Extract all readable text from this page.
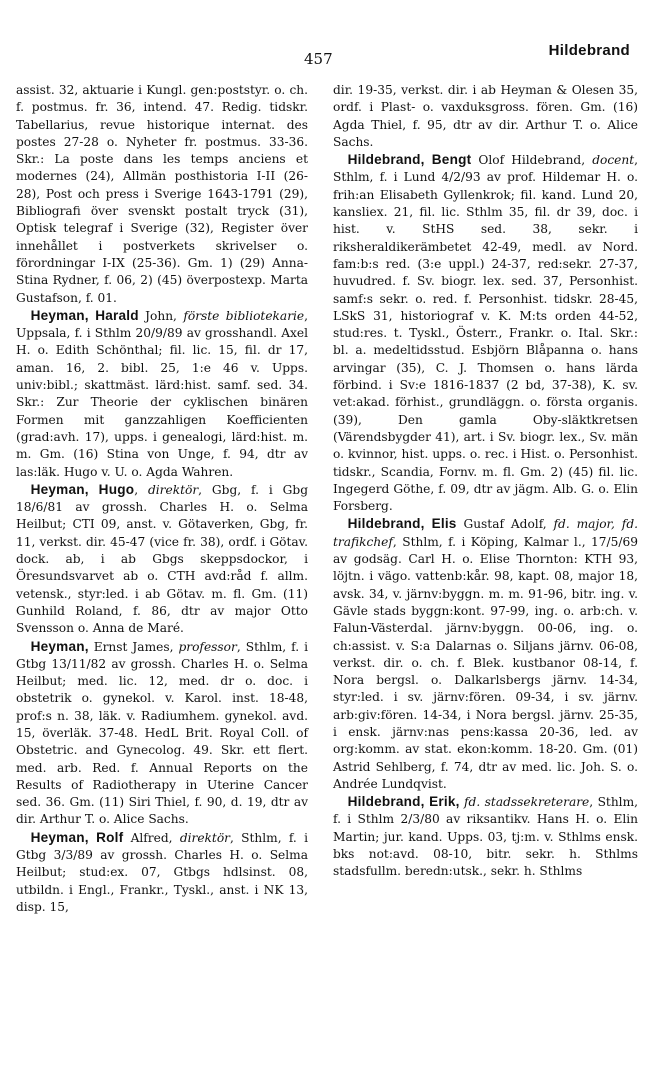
457	Hildebrand

assist. 32, aktuarie i Kungl. gen:poststyr. o. ch. f. postmus. fr. 36, intend. 47. Redig. tidskr. Tabellarius, revue historique internat. des postes 27-28 o. Nyheter fr. postmus. 33-36. Skr.: La poste dans les temps anciens et modernes (24), Allmän posthistoria I-II (26-28), Post och press i Sverige 1643-1791 (29), Bibliografi över svenskt postalt tryck (31), Optisk telegraf i Sverige (32), Register över innehållet i postverkets skrivelser o. förordningar I-IX (25-36). Gm. 1) (29) Anna-Stina Rydner, f. 06, 2) (45) överpostexp. Marta Gustafson, f. 01.

Heyman, Harald John, förste bibliotekarie, Uppsala, f. i Sthlm 20/9/89 av grosshandl. Axel H. o. Edith Schönthal; fil. lic. 15, fil. dr 17, aman. 16, 2. bibl. 25, 1:e 46 v. Upps. univ:bibl.; skattmäst. lärd:hist. samf. sed. 34. Skr.: Zur Theorie der cyklischen binären Formen mit ganzzahligen Koefficienten (grad:avh. 17), upps. i genealogi, lärd:hist. m. m. Gm. (16) Stina von Unge, f. 94, dtr av las:läk. Hugo v. U. o. Agda Wahren.

Heyman, Hugo, direktör, Gbg, f. i Gbg 18/6/81 av grossh. Charles H. o. Selma Heilbut; CTI 09, anst. v. Götaverken, Gbg, fr. 11, verkst. dir. 45-47 (vice fr. 38), ordf. i Götav. dock. ab, i ab Gbgs skeppsdockor, i Öresundsvarvet ab o. CTH avd:råd f. allm. vetensk., styr:led. i ab Götav. m. fl. Gm. (11) Gunhild Roland, f. 86, dtr av major Otto Svensson o. Anna de Maré.

Heyman, Ernst James, professor, Sthlm, f. i Gtbg 13/11/82 av grossh. Charles H. o. Selma Heilbut; med. lic. 12, med. dr o. doc. i obstetrik o. gynekol. v. Karol. inst. 18-48, prof:s n. 38, läk. v. Radiumhem. gynekol. avd. 15, överläk. 37-48. HedL Brit. Royal Coll. of Obstetric. and Gynecolog. 49. Skr. ett flert. med. arb. Red. f. Annual Reports on the Results of Radiotherapy in Uterine Cancer sed. 36. Gm. (11) Siri Thiel, f. 90, d. 19, dtr av dir. Arthur T. o. Alice Sachs.

Heyman, Rolf Alfred, direktör, Sthlm, f. i Gtbg 3/3/89 av grossh. Charles H. o. Selma Heilbut; stud:ex. 07, Gtbgs hdlsinst. 08, utbildn. i Engl., Frankr., Tyskl., anst. i NK 13, disp. 15,

dir. 19-35, verkst. dir. i ab Heyman & Olesen 35, ordf. i Plast- o. vaxduksgross. fören. Gm. (16) Agda Thiel, f. 95, dtr av dir. Arthur T. o. Alice Sachs.

Hildebrand, Bengt Olof Hildebrand, docent, Sthlm, f. i Lund 4/2/93 av prof. Hildemar H. o. frih:an Elisabeth Gyllenkrok; fil. kand. Lund 20, kansliex. 21, fil. lic. Sthlm 35, fil. dr 39, doc. i hist. v. StHS sed. 38, sekr. i riksheraldikerämbetet 42-49, medl. av Nord. fam:b:s red. (3:e uppl.) 24-37, red:sekr. 27-37, huvudred. f. Sv. biogr. lex. sed. 37, Personhist. samf:s sekr. o. red. f. Personhist. tidskr. 28-45, LSkS 31, historiograf v. K. M:ts orden 44-52, stud:res. t. Tyskl., Österr., Frankr. o. Ital. Skr.: bl. a. medeltidsstud. Esbjörn Blåpanna o. hans arvingar (35), C. J. Thomsen o. hans lärda förbind. i Sv:e 1816-1837 (2 bd, 37-38), K. sv. vet:akad. förhist., grundläggn. o. första organis. (39), Den gamla Oby-släktkretsen (Värendsbygder 41), art. i Sv. biogr. lex., Sv. män o. kvinnor, hist. upps. o. rec. i Hist. o. Personhist. tidskr., Scandia, Fornv. m. fl. Gm. 2) (45) fil. lic. Ingegerd Göthe, f. 09, dtr av jägm. Alb. G. o. Elin Forsberg.

Hildebrand, Elis Gustaf Adolf, fd. major, fd. trafikchef, Sthlm, f. i Köping, Kalmar l., 17/5/69 av godsäg. Carl H. o. Elise Thornton: KTH 93, löjtn. i vägo. vattenb:kår. 98, kapt. 08, major 18, avsk. 34, v. järnv:byggn. m. m. 91-96, bitr. ing. v. Gävle stads byggn:kont. 97-99, ing. o. arb:ch. v. Falun-Västerdal. järnv:byggn. 00-06, ing. o. ch:assist. v. S:a Dalarnas o. Siljans järnv. 06-08, verkst. dir. o. ch. f. Blek. kustbanor 08-14, f. Nora bergsl. o. Dalkarlsbergs järnv. 14-34, styr:led. i sv. järnv:fören. 09-34, i sv. järnv. arb:giv:fören. 14-34, i Nora bergsl. järnv. 25-35, i ensk. järnv:nas pens:kassa 20-36, led. av org:komm. av stat. ekon:komm. 18-20. Gm. (01) Astrid Sehlberg, f. 74, dtr av med. lic. Joh. S. o. Andrée Lundqvist.

Hildebrand, Erik, fd. stadssekreterare, Sthlm, f. i Sthlm 2/3/80 av riksantikv. Hans H. o. Elin Martin; jur. kand. Upps. 03, tj:m. v. Sthlms ensk. bks not:avd. 08-10, bitr. sekr. h. Sthlms stadsfullm. beredn:utsk., sekr. h. Sthlms
